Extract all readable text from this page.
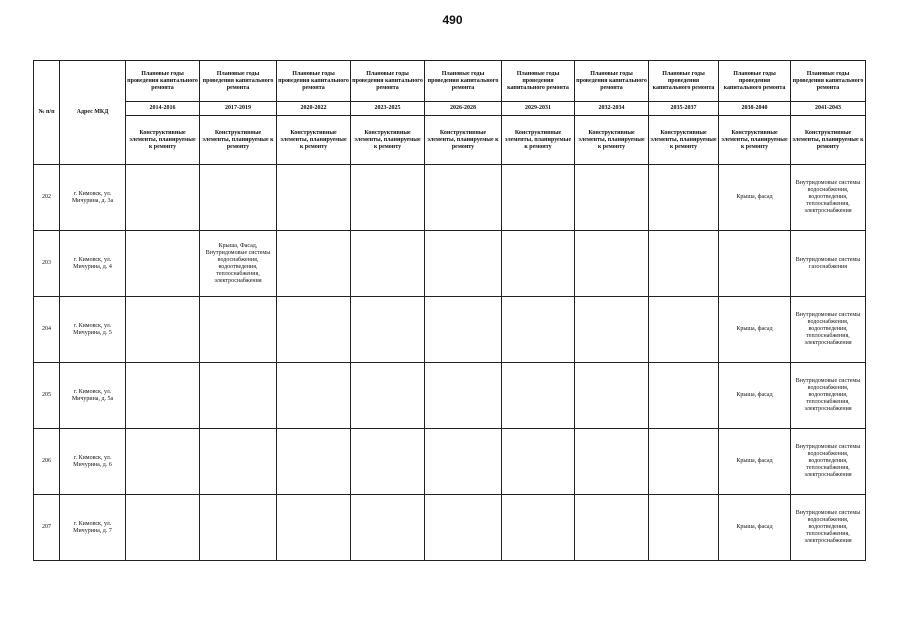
490
№ п/п	Адрес МКД	Плановые годы проведения капитального ремонта	Плановые годы проведения капитального ремонта	Плановые годы проведения капитального ремонта	Плановые годы проведения капитального ремонта	Плановые годы проведения капитального ремонта	Плановые годы проведения капитального ремонта	Плановые годы проведения капитального ремонта	Плановые годы проведения капитального ремонта	Плановые годы проведения капитального ремонта	Плановые годы проведения капитального ремонта
		2014-2016	2017-2019	2020-2022	2023-2025	2026-2028	2029-2031	2032-2034	2035-2037	2038-2040	2041-2043
		Конструктивные элементы, планируемые к ремонту	Конструктивные элементы, планируемые к ремонту	Конструктивные элементы, планируемые к ремонту	Конструктивные элементы, планируемые к ремонту	Конструктивные элементы, планируемые к ремонту	Конструктивные элементы, планируемые к ремонту	Конструктивные элементы, планируемые к ремонту	Конструктивные элементы, планируемые к ремонту	Конструктивные элементы, планируемые к ремонту	Конструктивные элементы, планируемые к ремонту
202	г. Кимовск, ул. Мичурина, д. 3а									Крыша, фасад	Внутридомовые системы водоснабжения, водоотведения, теплоснабжения, электроснабжения
203	г. Кимовск, ул. Мичурина, д. 4		Крыша, Фасад, Внутридомовые системы водоснабжения, водоотведения, теплоснабжения, электроснабжения								Внутридомовые системы газоснабжения
204	г. Кимовск, ул. Мичурина, д. 5									Крыша, фасад	Внутридомовые системы водоснабжения, водоотведения, теплоснабжения, электроснабжения
205	г. Кимовск, ул. Мичурина, д. 5а									Крыша, фасад	Внутридомовые системы водоснабжения, водоотведения, теплоснабжения, электроснабжения
206	г. Кимовск, ул. Мичурина, д. 6									Крыша, фасад	Внутридомовые системы водоснабжения, водоотведения, теплоснабжения, электроснабжения
207	г. Кимовск, ул. Мичурина, д. 7									Крыша, фасад	Внутридомовые системы водоснабжения, водоотведения, теплоснабжения, электроснабжения
